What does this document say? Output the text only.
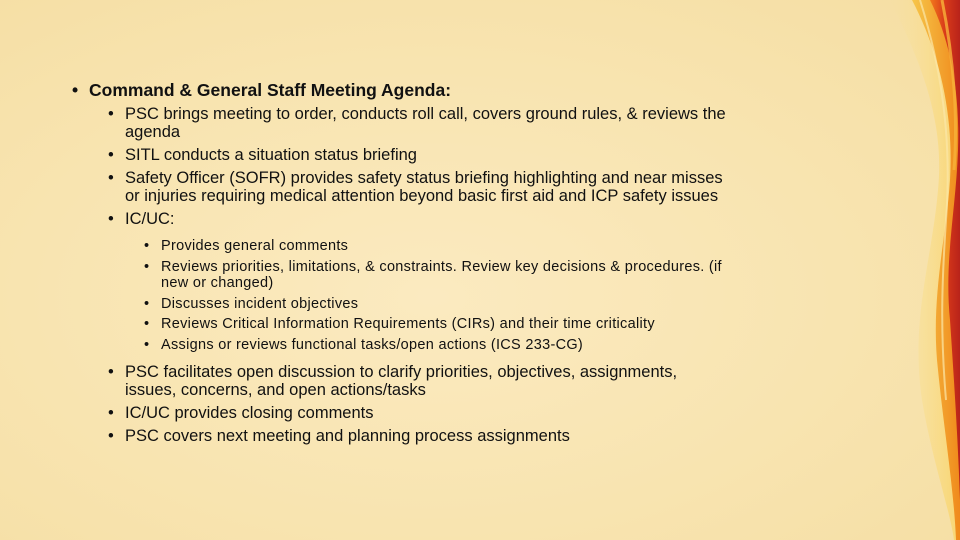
• Command & General Staff Meeting Agenda:
• PSC brings meeting to order, conducts roll call, covers ground rules, & reviews the agenda
• SITL conducts a situation status briefing
• Safety Officer (SOFR) provides safety status briefing highlighting and near misses or injuries requiring medical attention beyond basic first aid and ICP safety issues
• IC/UC:
• Provides general comments
• Reviews priorities, limitations, & constraints. Review key decisions & procedures. (if new or changed)
• Discusses incident objectives
• Reviews Critical Information Requirements (CIRs) and their time criticality
• Assigns or reviews functional tasks/open actions (ICS 233-CG)
• PSC facilitates open discussion to clarify priorities, objectives, assignments, issues, concerns, and open actions/tasks
• IC/UC provides closing comments
• PSC covers next meeting and planning process assignments
